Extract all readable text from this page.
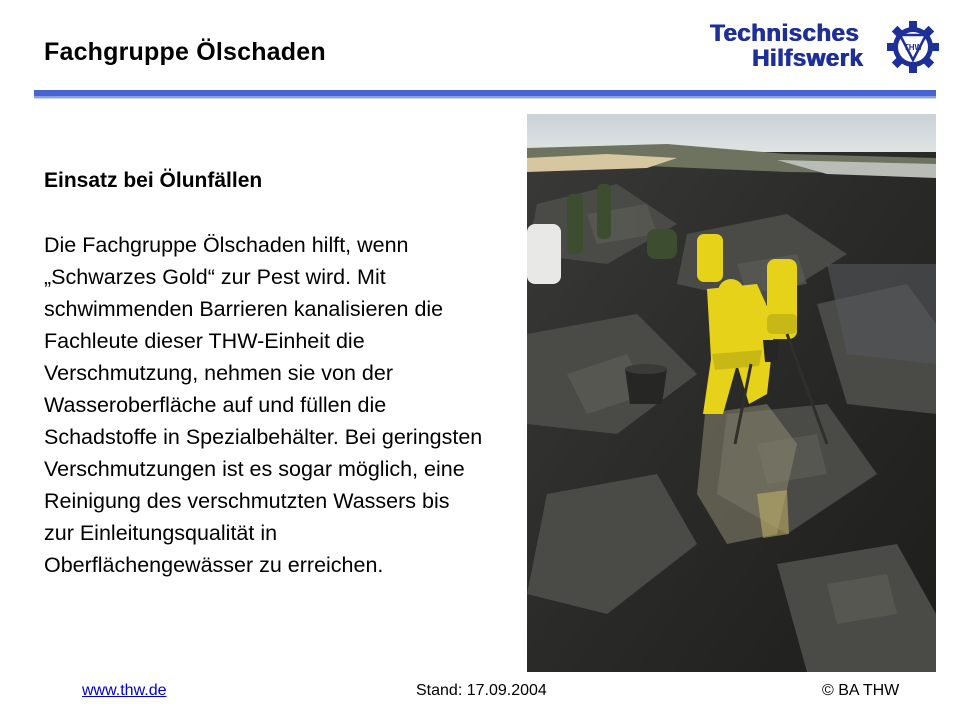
Fachgruppe Ölschaden
Technisches
Hilfswerk	THW
Einsatz bei Ölunfällen

Die Fachgruppe Ölschaden hilft, wenn „Schwarzes Gold“ zur Pest wird. Mit schwimmenden Barrieren kanalisieren die Fachleute dieser THW-Einheit die Verschmutzung, nehmen sie von der Wasseroberfläche auf und füllen die Schadstoffe in Spezialbehälter. Bei geringsten Verschmutzungen ist es sogar möglich, eine Reinigung des verschmutzten Wassers bis zur Einleitungsqualität in Oberflächengewässer zu erreichen.

www.thw.de	Stand: 17.09.2004	© BA THW
